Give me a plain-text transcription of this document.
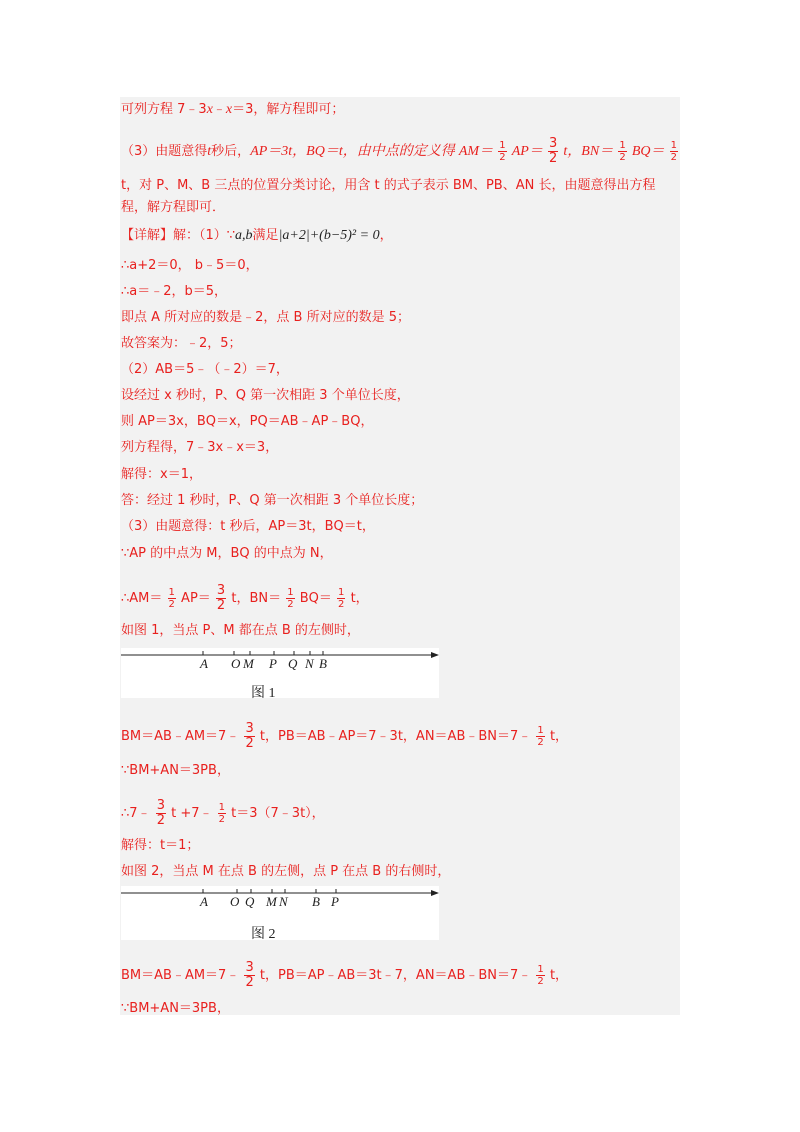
可列方程 7﹣3x﹣x＝3，解方程即可；
（3）由题意得t秒后，AP＝3t，BQ＝t，由中点的定义得 $AM= \frac{1}{2} AP= \frac{3}{2}$ t，$BN= \frac{1}{2} BQ= \frac{1}{2}$
t，对 P、M、B 三点的位置分类讨论，用含 t 的式子表示 BM、PB、AN 长，由题意得出方程
程，解方程即可．
【详解】解：（1）∵a,b满足|a+2|+(b−5)² = 0，
∴a+2＝0， b﹣5＝0，
∴a＝﹣2，b＝5，
即点 A 所对应的数是﹣2，点 B 所对应的数是 5；
故答案为：﹣2，5；
（2）AB＝5﹣（﹣2）＝7，
设经过 x 秒时，P、Q 第一次相距 3 个单位长度，
则 AP＝3x，BQ＝x，PQ＝AB﹣AP﹣BQ，
列方程得，7﹣3x﹣x＝3，
解得：x＝1，
答：经过 1 秒时，P、Q 第一次相距 3 个单位长度；
（3）由题意得：t 秒后，AP＝3t，BQ＝t，
∵AP 的中点为 M，BQ 的中点为 N，
∴AM＝ $\frac{1}{2} AP= \frac{3}{2}$ t，$BN= \frac{1}{2} BQ= \frac{1}{2}$ t，
如图 1，当点 P、M 都在点 B 的左侧时，
A O M P Q N B
图 1
BM＝AB﹣AM＝7﹣ $\frac{3}{2}$ t，PB＝AB﹣AP＝7﹣3t，AN＝AB﹣BN＝7﹣ $\frac{1}{2}$ t，
∵BM+AN＝3PB，
∴7﹣ $\frac{3}{2}$ t +7﹣ $\frac{1}{2}$ t＝3（7﹣3t），
解得：t＝1；
如图 2，当点 M 在点 B 的左侧，点 P 在点 B 的右侧时，
A O Q M N B P
图 2
BM＝AB﹣AM＝7﹣ $\frac{3}{2}$ t，PB＝AP﹣AB＝3t﹣7，AN＝AB﹣BN＝7﹣ $\frac{1}{2}$ t，
∵BM+AN＝3PB，
